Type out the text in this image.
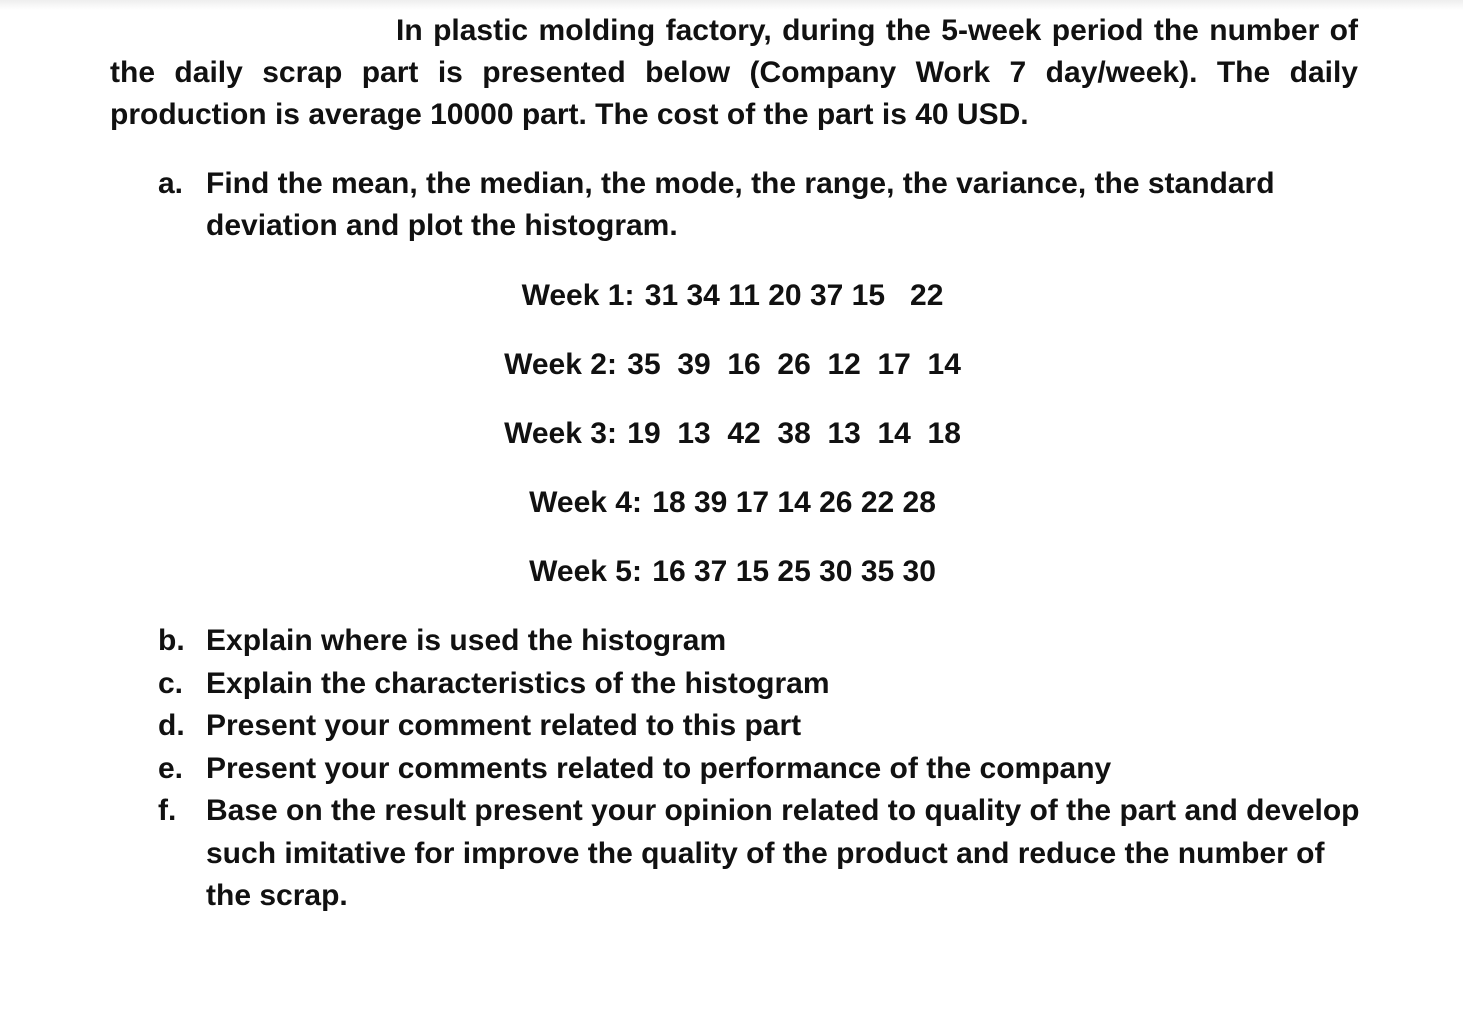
In plastic molding factory, during the 5-week period the number of the daily scrap part is presented below (Company Work 7 day/week). The daily production is average 10000 part. The cost of the part is 40 USD.

a. Find the mean, the median, the mode, the range, the variance, the standard deviation and plot the histogram.
Week 1: 31 34 11 20 37 15   22
Week 2: 35  39  16  26  12  17  14
Week 3: 19  13  42  38  13  14  18
Week 4: 18 39 17 14 26 22 28
Week 5: 16 37 15 25 30 35 30
b. Explain where is used the histogram
c. Explain the characteristics of the histogram
d. Present your comment related to this part
e. Present your comments related to performance of the company
f. Base on the result present your opinion related to quality of the part and develop such imitative for improve the quality of the product and reduce the number of the scrap.
